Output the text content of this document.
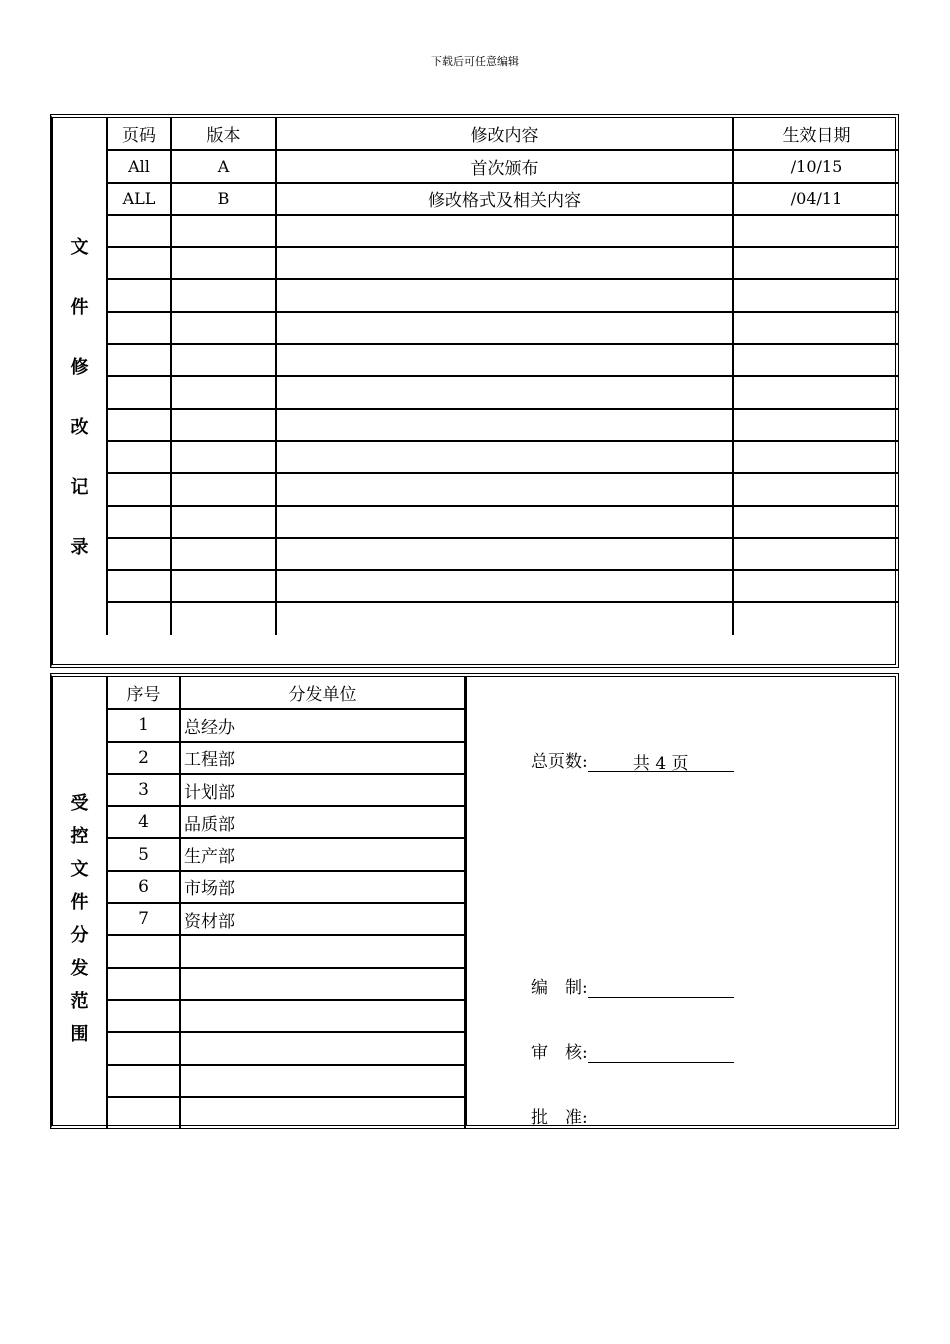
下载后可任意编辑
文
件
修
改
记
录
页码	版本	修改内容	生效日期
All	A	首次颁布	/10/15
ALL	B	修改格式及相关内容	/04/11

受
控
文
件
分
发
范
围
序号	分发单位
1	总经办
2	工程部
3	计划部
4	品质部
5	生产部
6	市场部
7	资材部

总页数:	共 4 页
编　制:
审　核:
批　准:
